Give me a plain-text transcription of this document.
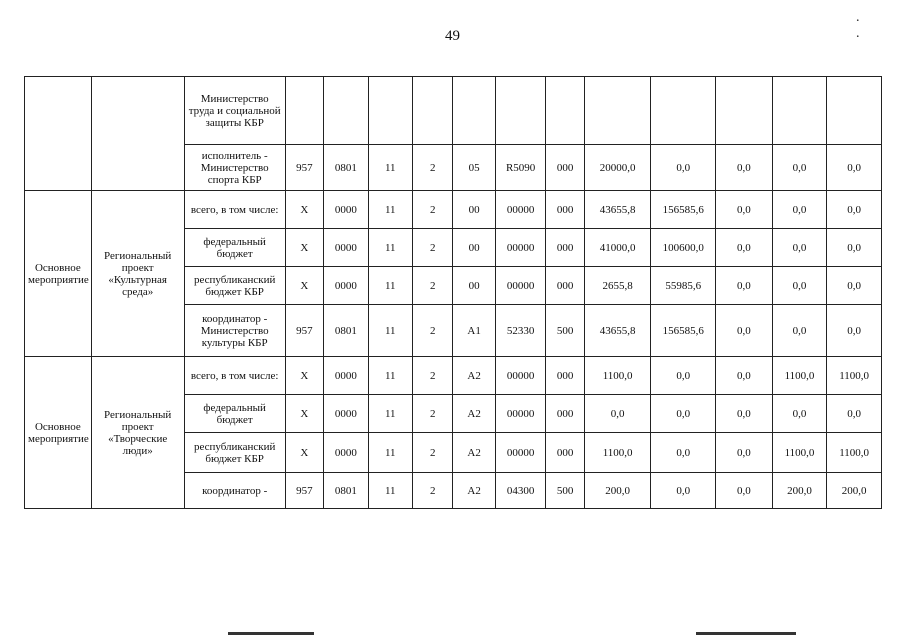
49
. .
		Министерство труда и социальной защиты КБР												
		исполнитель - Министерство спорта КБР	957	0801	11	2	05	R5090	000	20000,0	0,0	0,0	0,0	0,0
Основное мероприятие	Региональный проект «Культурная среда»	всего, в том числе:	Х	0000	11	2	00	00000	000	43655,8	156585,6	0,0	0,0	0,0
		федеральный бюджет	Х	0000	11	2	00	00000	000	41000,0	100600,0	0,0	0,0	0,0
		республиканский бюджет КБР	Х	0000	11	2	00	00000	000	2655,8	55985,6	0,0	0,0	0,0
		координатор - Министерство культуры КБР	957	0801	11	2	А1	52330	500	43655,8	156585,6	0,0	0,0	0,0
Основное мероприятие	Региональный проект «Творческие люди»	всего, в том числе:	Х	0000	11	2	А2	00000	000	1100,0	0,0	0,0	1100,0	1100,0
		федеральный бюджет	Х	0000	11	2	А2	00000	000	0,0	0,0	0,0	0,0	0,0
		республиканский бюджет КБР	Х	0000	11	2	А2	00000	000	1100,0	0,0	0,0	1100,0	1100,0
		координатор -	957	0801	11	2	А2	04300	500	200,0	0,0	0,0	200,0	200,0
